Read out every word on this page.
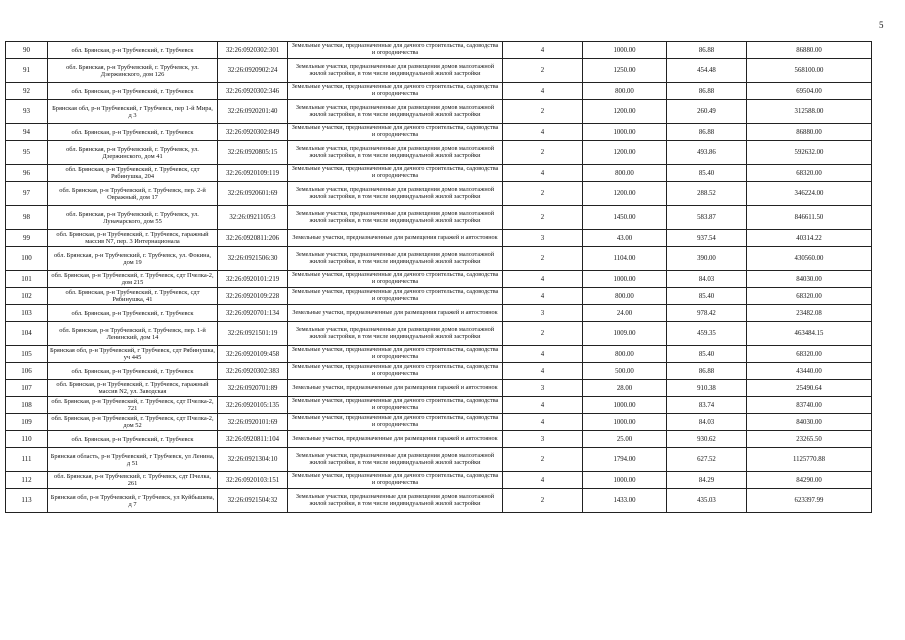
5
90	обл. Брянская, р-н Трубчевский, г. Трубчевск	32:26:0920302:301	Земельные участки, предназначенные для дачного строительства, садоводства и огородничества	4	1000.00	86.88	86880.00
91	обл. Брянская, р-н Трубчевский, г. Трубчевск, ул. Дзержинского, дом 126	32:26:0920902:24	Земельные участки, предназначенные для размещения домов малоэтажной жилой застройки, в том числе индивидуальной жилой застройки	2	1250.00	454.48	568100.00
92	обл. Брянская, р-н Трубчевский, г. Трубчевск	32:26:0920302:346	Земельные участки, предназначенные для дачного строительства, садоводства и огородничества	4	800.00	86.88	69504.00
93	Брянская обл, р-н Трубчевский, г Трубчевск, пер 1-й Мира, д 3	32:26:0920201:40	Земельные участки, предназначенные для размещения домов малоэтажной жилой застройки, в том числе индивидуальной жилой застройки	2	1200.00	260.49	312588.00
94	обл. Брянская, р-н Трубчевский, г. Трубчевск	32:26:0920302:849	Земельные участки, предназначенные для дачного строительства, садоводства и огородничества	4	1000.00	86.88	86880.00
95	обл. Брянская, р-н Трубчевский, г. Трубчевск, ул. Дзержинского, дом 41	32:26:0920805:15	Земельные участки, предназначенные для размещения домов малоэтажной жилой застройки, в том числе индивидуальной жилой застройки	2	1200.00	493.86	592632.00
96	обл. Брянская, р-н Трубчевский, г. Трубчевск, сдт Рябинушка, 204	32:26:0920109:119	Земельные участки, предназначенные для дачного строительства, садоводства и огородничества	4	800.00	85.40	68320.00
97	обл. Брянская, р-н Трубчевский, г. Трубчевск, пер. 2-й Овражный, дом 17	32:26:0920601:69	Земельные участки, предназначенные для размещения домов малоэтажной жилой застройки, в том числе индивидуальной жилой застройки	2	1200.00	288.52	346224.00
98	обл. Брянская, р-н Трубчевский, г. Трубчевск, ул. Луначарского, дом 55	32:26:0921105:3	Земельные участки, предназначенные для размещения домов малоэтажной жилой застройки, в том числе индивидуальной жилой застройки	2	1450.00	583.87	846611.50
99	обл. Брянская, р-н Трубчевский, г. Трубчевск, гаражный массив N7, пер. 3 Интернационала	32:26:0920811:206	Земельные участки, предназначенные для размещения гаражей и автостоянок	3	43.00	937.54	40314.22
100	обл. Брянская, р-н Трубчевский, г. Трубчевск, ул. Фокина, дом 19	32:26:0921506:30	Земельные участки, предназначенные для размещения домов малоэтажной жилой застройки, в том числе индивидуальной жилой застройки	2	1104.00	390.00	430560.00
101	обл. Брянская, р-н Трубчевский, г. Трубчевск, сдт Пчелка-2, дом 215	32:26:0920101:219	Земельные участки, предназначенные для дачного строительства, садоводства и огородничества	4	1000.00	84.03	84030.00
102	обл. Брянская, р-н Трубчевский, г. Трубчевск, сдт Рябинушка, 41	32:26:0920109:228	Земельные участки, предназначенные для дачного строительства, садоводства и огородничества	4	800.00	85.40	68320.00
103	обл. Брянская, р-н Трубчевский, г. Трубчевск	32:26:0920701:134	Земельные участки, предназначенные для размещения гаражей и автостоянок	3	24.00	978.42	23482.08
104	обл. Брянская, р-н Трубчевский, г. Трубчевск, пер. 1-й Ленинский, дом 14	32:26:0921501:19	Земельные участки, предназначенные для размещения домов малоэтажной жилой застройки, в том числе индивидуальной жилой застройки	2	1009.00	459.35	463484.15
105	Брянская обл, р-н Трубчевский, г Трубчевск, сдт Рябинушка, уч 445	32:26:0920109:458	Земельные участки, предназначенные для дачного строительства, садоводства и огородничества	4	800.00	85.40	68320.00
106	обл. Брянская, р-н Трубчевский, г. Трубчевск	32:26:0920302:383	Земельные участки, предназначенные для дачного строительства, садоводства и огородничества	4	500.00	86.88	43440.00
107	обл. Брянская, р-н Трубчевский, г. Трубчевск, гаражный массив N2, ул. Заводская	32:26:0920701:89	Земельные участки, предназначенные для размещения гаражей и автостоянок	3	28.00	910.38	25490.64
108	обл. Брянская, р-н Трубчевский, г. Трубчевск, сдт Пчелка-2, 721	32:26:0920105:135	Земельные участки, предназначенные для дачного строительства, садоводства и огородничества	4	1000.00	83.74	83740.00
109	обл. Брянская, р-н Трубчевский, г. Трубчевск, сдт Пчелка-2, дом 52	32:26:0920101:69	Земельные участки, предназначенные для дачного строительства, садоводства и огородничества	4	1000.00	84.03	84030.00
110	обл. Брянская, р-н Трубчевский, г. Трубчевск	32:26:0920811:104	Земельные участки, предназначенные для размещения гаражей и автостоянок	3	25.00	930.62	23265.50
111	Брянская область, р-н Трубчевский, г Трубчевск, ул Ленина, д 51	32:26:0921304:10	Земельные участки, предназначенные для размещения домов малоэтажной жилой застройки, в том числе индивидуальной жилой застройки	2	1794.00	627.52	1125770.88
112	обл. Брянская, р-н Трубчевский, г. Трубчевск, сдт Пчелка, 261	32:26:0920103:151	Земельные участки, предназначенные для дачного строительства, садоводства и огородничества	4	1000.00	84.29	84290.00
113	Брянская обл, р-н Трубчевский, г Трубчевск, ул Куйбышева, д 7	32:26:0921504:32	Земельные участки, предназначенные для размещения домов малоэтажной жилой застройки, в том числе индивидуальной жилой застройки	2	1433.00	435.03	623397.99
